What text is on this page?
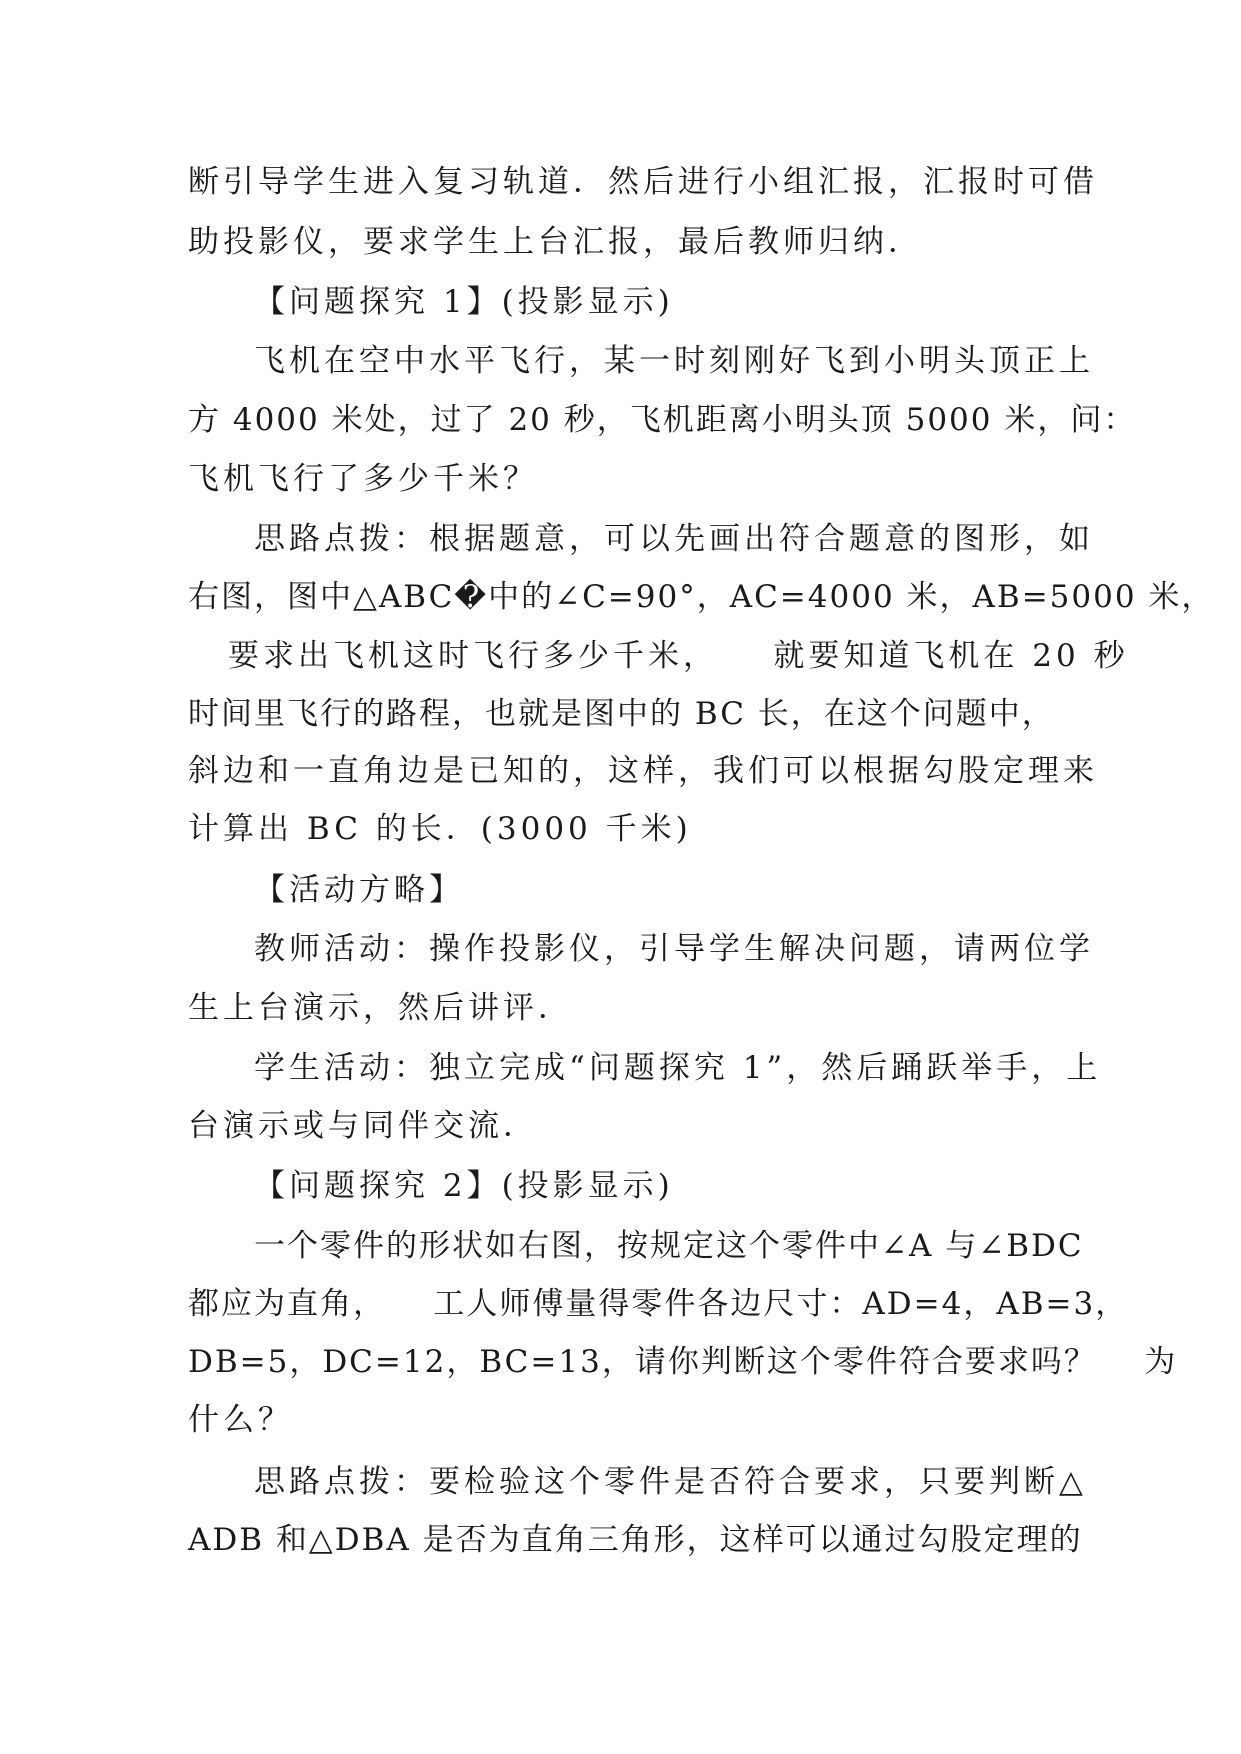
断引导学生进入复习轨道．然后进行小组汇报，汇报时可借
助投影仪，要求学生上台汇报，最后教师归纳．
【问题探究 1】(投影显示)
飞机在空中水平飞行，某一时刻刚好飞到小明头顶正上
方 4000 米处，过了 20 秒，飞机距离小明头顶 5000 米，问：
飞机飞行了多少千米？
思路点拨：根据题意，可以先画出符合题意的图形，如
右图，图中△ABC�中的∠C=90°，AC=4000 米，AB=5000 米，
要求出飞机这时飞行多少千米，    就要知道飞机在 20 秒
时间里飞行的路程，也就是图中的 BC 长，在这个问题中，
斜边和一直角边是已知的，这样，我们可以根据勾股定理来
计算出 BC 的长．(3000 千米)
【活动方略】
教师活动：操作投影仪，引导学生解决问题，请两位学
生上台演示，然后讲评．
学生活动：独立完成“问题探究 1”，然后踊跃举手，上
台演示或与同伴交流．
【问题探究 2】(投影显示)
一个零件的形状如右图，按规定这个零件中∠A 与∠BDC
都应为直角，    工人师傅量得零件各边尺寸：AD=4，AB=3，
DB=5，DC=12，BC=13，请你判断这个零件符合要求吗？    为
什么？
思路点拨：要检验这个零件是否符合要求，只要判断△
ADB 和△DBA 是否为直角三角形，这样可以通过勾股定理的
